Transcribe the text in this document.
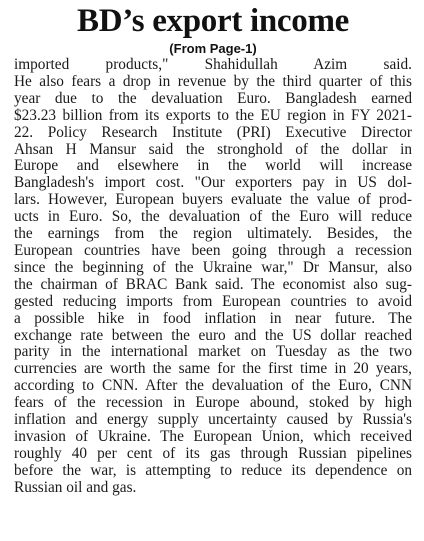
BD’s export income
(From Page-1)
imported products," Shahidullah Azim said.
He also fears a drop in revenue by the third quarter of this
year due to the devaluation Euro. Bangladesh earned
$23.23 billion from its exports to the EU region in FY 2021-
22. Policy Research Institute (PRI) Executive Director
Ahsan H Mansur said the stronghold of the dollar in
Europe and elsewhere in the world will increase
Bangladesh's import cost. "Our exporters pay in US dol-
lars. However, European buyers evaluate the value of prod-
ucts in Euro. So, the devaluation of the Euro will reduce
the earnings from the region ultimately. Besides, the
European countries have been going through a recession
since the beginning of the Ukraine war," Dr Mansur, also
the chairman of BRAC Bank said. The economist also sug-
gested reducing imports from European countries to avoid
a possible hike in food inflation in near future. The
exchange rate between the euro and the US dollar reached
parity in the international market on Tuesday as the two
currencies are worth the same for the first time in 20 years,
according to CNN. After the devaluation of the Euro, CNN
fears of the recession in Europe abound, stoked by high
inflation and energy supply uncertainty caused by Russia's
invasion of Ukraine. The European Union, which received
roughly 40 per cent of its gas through Russian pipelines
before the war, is attempting to reduce its dependence on
Russian oil and gas.
